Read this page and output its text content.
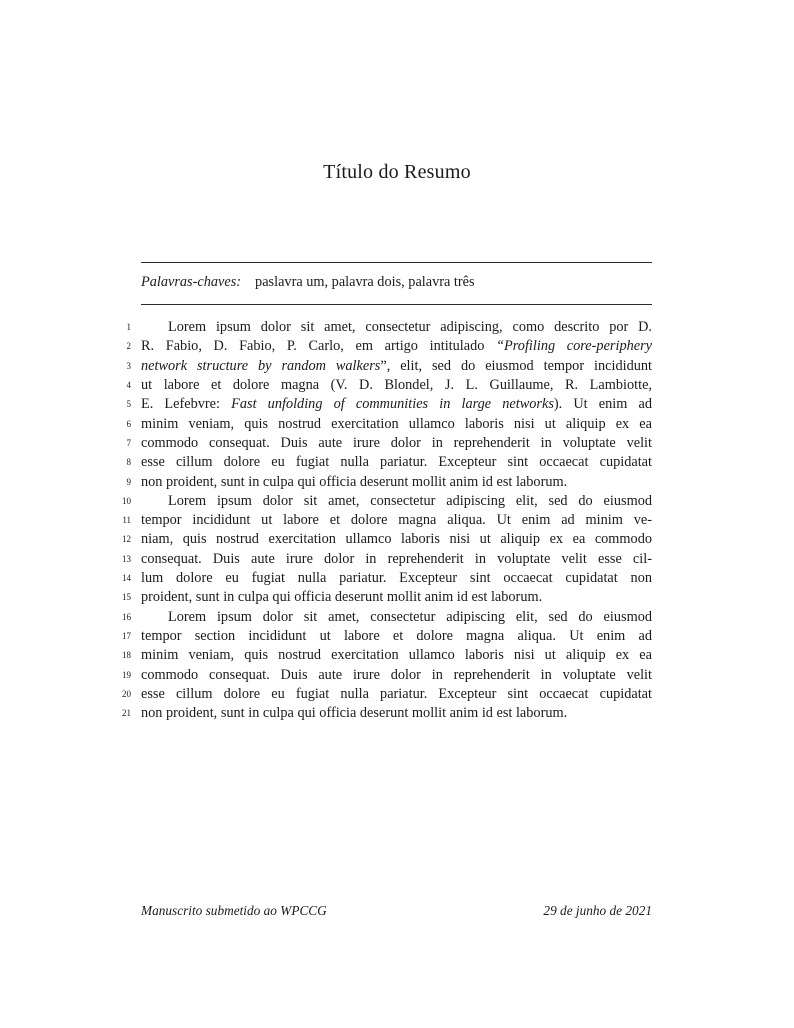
Título do Resumo
Palavras-chaves: paslavra um, palavra dois, palavra três
1	Lorem ipsum dolor sit amet, consectetur adipiscing, como descrito por D.
2 R. Fabio, D. Fabio, P. Carlo, em artigo intitulado “Profiling core-periphery
3 network structure by random walkers”, elit, sed do eiusmod tempor incididunt
4 ut labore et dolore magna (V. D. Blondel, J. L. Guillaume, R. Lambiotte,
5 E. Lefebvre: Fast unfolding of communities in large networks). Ut enim ad
6 minim veniam, quis nostrud exercitation ullamco laboris nisi ut aliquip ex ea
7 commodo consequat. Duis aute irure dolor in reprehenderit in voluptate velit
8 esse cillum dolore eu fugiat nulla pariatur. Excepteur sint occaecat cupidatat
9 non proident, sunt in culpa qui officia deserunt mollit anim id est laborum.
10	Lorem ipsum dolor sit amet, consectetur adipiscing elit, sed do eiusmod
11 tempor incididunt ut labore et dolore magna aliqua. Ut enim ad minim ve-
12 niam, quis nostrud exercitation ullamco laboris nisi ut aliquip ex ea commodo
13 consequat. Duis aute irure dolor in reprehenderit in voluptate velit esse cil-
14 lum dolore eu fugiat nulla pariatur. Excepteur sint occaecat cupidatat non
15 proident, sunt in culpa qui officia deserunt mollit anim id est laborum.
16	Lorem ipsum dolor sit amet, consectetur adipiscing elit, sed do eiusmod
17 tempor section incididunt ut labore et dolore magna aliqua. Ut enim ad
18 minim veniam, quis nostrud exercitation ullamco laboris nisi ut aliquip ex ea
19 commodo consequat. Duis aute irure dolor in reprehenderit in voluptate velit
20 esse cillum dolore eu fugiat nulla pariatur. Excepteur sint occaecat cupidatat
21 non proident, sunt in culpa qui officia deserunt mollit anim id est laborum.
Manuscrito submetido ao WPCCG	29 de junho de 2021
